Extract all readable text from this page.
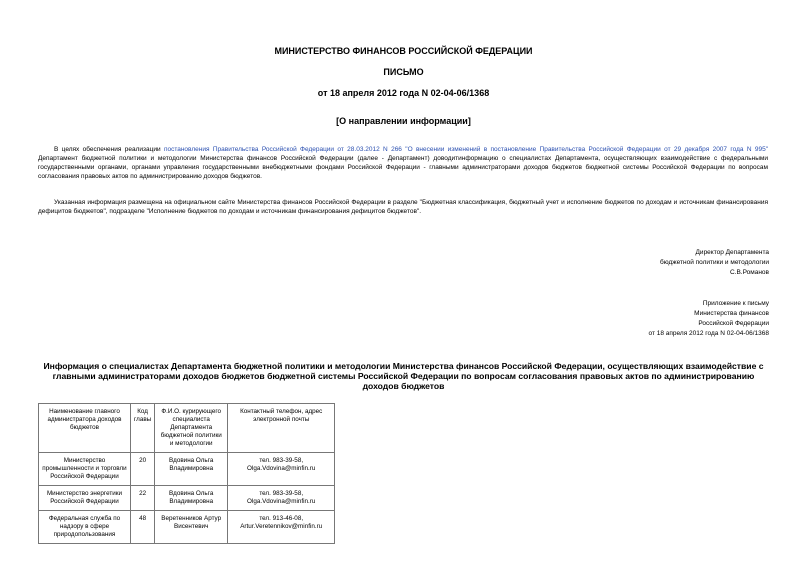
МИНИСТЕРСТВО ФИНАНСОВ РОССИЙСКОЙ ФЕДЕРАЦИИ
ПИСЬМО
от 18 апреля 2012 года N 02-04-06/1368
[О направлении информации]
В целях обеспечения реализации постановления Правительства Российской Федерации от 28.03.2012 N 266 "О внесении изменений в постановление Правительства Российской Федерации от 29 декабря 2007 года N 995" Департамент бюджетной политики и методологии Министерства финансов Российской Федерации (далее - Департамент) доводитинформацию о специалистах Департамента, осуществляющих взаимодействие с федеральными государственными органами, органами управления государственными внебюджетными фондами Российской Федерации - главными администраторами доходов бюджетов бюджетной системы Российской Федерации по вопросам согласования правовых актов по администрированию доходов бюджетов.
Указанная информация размещена на официальном сайте Министерства финансов Российской Федерации в разделе "Бюджетная классификация, бюджетный учет и исполнение бюджетов по доходам и источникам финансирования дефицитов бюджетов", подразделе "Исполнение бюджетов по доходам и источникам финансирования дефицитов бюджетов".
Директор Департамента
бюджетной политики и методологии
С.В.Романов
Приложение к письму
Министерства финансов
Российской Федерации
от 18 апреля 2012 года N 02-04-06/1368
Информация о специалистах Департамента бюджетной политики и методологии Министерства финансов Российской Федерации, осуществляющих взаимодействие с главными администраторами доходов бюджетов бюджетной системы Российской Федерации по вопросам согласования правовых актов по администрированию доходов бюджетов
Наименование главного администратора доходов бюджетов	Код главы	Ф.И.О. курирующего специалиста Департамента бюджетной политики и методологии	Контактный телефон, адрес электронной почты
Министерство промышленности и торговли Российской Федерации	20	Вдовина Ольга Владимировна	тел. 983-39-58, Olga.Vdovina@minfin.ru
Министерство энергетики Российской Федерации	22	Вдовина Ольга Владимировна	тел. 983-39-58, Olga.Vdovina@minfin.ru
Федеральная служба по надзору в сфере природопользования	48	Веретенников Артур Висентевич	тел. 913-46-08, Artur.Veretennikov@minfin.ru
